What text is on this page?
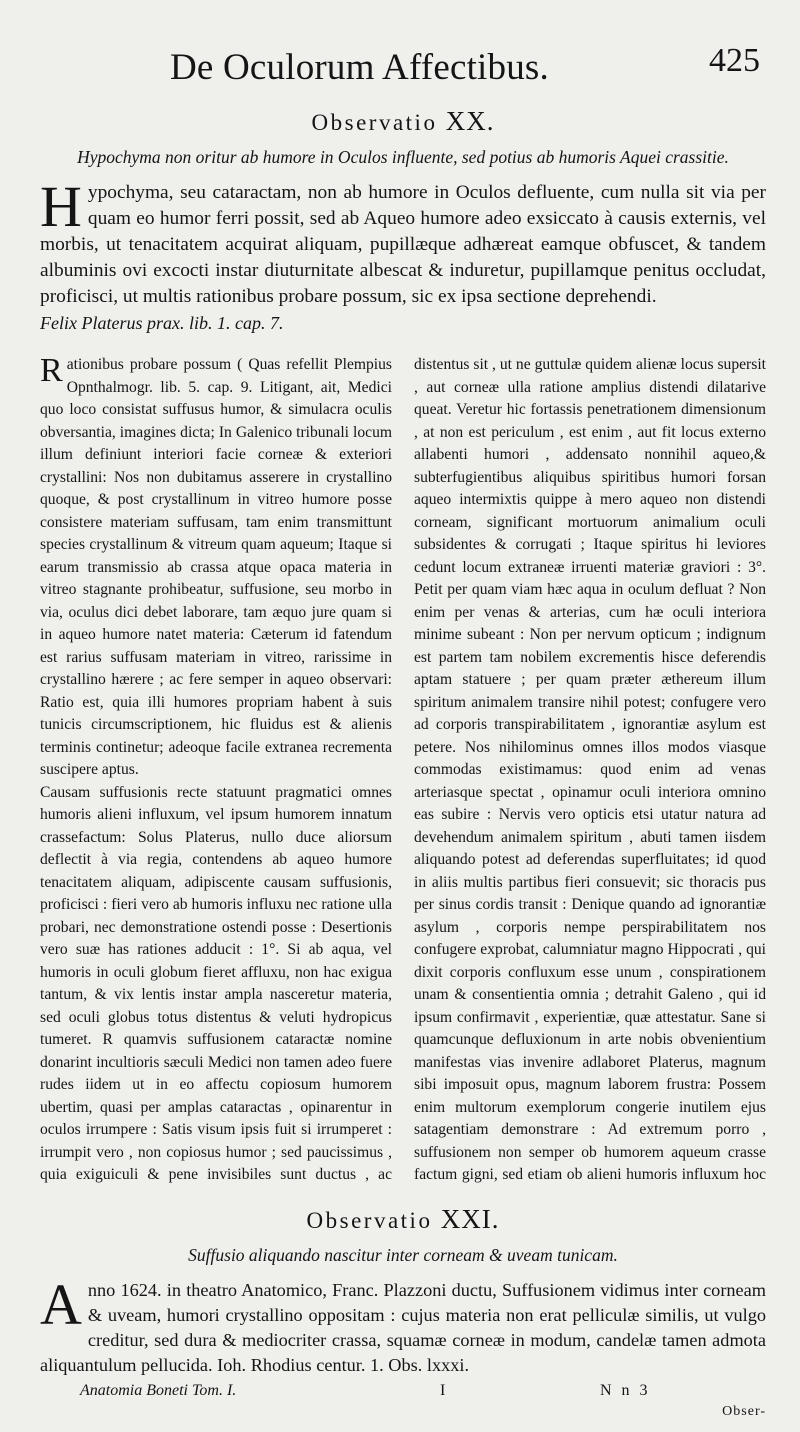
De Oculorum Affectibus.	425
Observatio XX.
Hypochyma non oritur ab humore in Oculos influente, sed potius ab humoris Aquei crassitie.

H ypochyma, seu cataractam, non ab humore in Oculos defluente, cum nulla sit via per quam eo humor ferri possit, sed ab Aqueo humore adeo exsiccato à causis externis, vel morbis, ut tenacitatem acquirat aliquam, pupillæque adhæreat eamque obfuscet, & tandem albuminis ovi excocti instar diuturnitate albescat & induretur, pupillamque penitus occludat, proficisci, ut multis rationibus probare possum, sic ex ipsa sectione deprehendi.

Felix Platerus prax. lib. 1. cap. 7.

R ationibus probare possum ( Quas refellit Plempius Opnthalmogr. lib. 5. cap. 9. Litigant, ait, Medici quo loco consistat suffusus humor, & simulacra oculis obversantia, imagines dicta; In Galenico tribunali locum illum definiunt interiori facie corneæ & exteriori crystallini: Nos non dubitamus asserere in crystallino quoque, & post crystallinum in vitreo humore posse consistere materiam suffusam, tam enim transmittunt species crystallinum & vitreum quam aqueum; Itaque si earum transmissio ab crassa atque opaca materia in vitreo stagnante prohibeatur, suffusione, seu morbo in via, oculus dici debet laborare, tam æquo jure quam si in aqueo humore natet materia: Cæterum id fatendum est rarius suffusam materiam in vitreo, rarissime in crystallino hærere ; ac fere semper in aqueo observari: Ratio est, quia illi humores propriam habent à suis tunicis circumscriptionem, hic fluidus est & alienis terminis continetur; adeoque facile extranea recrementa suscipere aptus.

Causam suffusionis recte statuunt pragmatici omnes humoris alieni influxum, vel ipsum humorem innatum crassefactum: Solus Platerus, nullo duce aliorsum deflectit à via regia, contendens ab aqueo humore tenacitatem aliquam, adipiscente causam suffusionis, proficisci : fieri vero ab humoris influxu nec ratione ulla probari, nec demonstratione ostendi posse : Desertionis vero suæ has rationes adducit : 1°. Si ab aqua, vel humoris in oculi globum fieret affluxu, non hac exigua tantum, & vix lentis instar ampla nasceretur materia, sed oculi globus totus distentus & veluti hydropicus tumeret. R quamvis suffusionem cataractæ nomine donarint incultioris sæculi Medici non tamen adeo fuere rudes iidem ut in eo affectu copiosum humorem ubertim, quasi per amplas cataractas , opinarentur in oculos irrumpere : Satis visum ipsis fuit si irrumperet : irrumpit vero , non copiosus humor ; sed paucissimus , quia exiguiculi & pene invisibiles sunt ductus , ac

distentus sit , ut ne guttulæ quidem alienæ locus supersit , aut corneæ ulla ratione amplius distendi dilatarive queat. Veretur hic fortassis penetrationem dimensionum , at non est periculum , est enim , aut fit locus externo allabenti humori , addensato nonnihil aqueo,& subterfugientibus aliquibus spiritibus humori forsan aqueo intermixtis quippe à mero aqueo non distendi corneam, significant mortuorum animalium oculi subsidentes & corrugati ; Itaque spiritus hi leviores cedunt locum extraneæ irruenti materiæ graviori : 3°. Petit per quam viam hæc aqua in oculum defluat ? Non enim per venas & arterias, cum hæ oculi interiora minime subeant : Non per nervum opticum ; indignum est partem tam nobilem excrementis hisce deferendis aptam statuere ; per quam præter æthereum illum spiritum animalem transire nihil potest; confugere vero ad corporis transpirabilitatem , ignorantiæ asylum est petere. Nos nihilominus omnes illos modos viasque commodas existimamus: quod enim ad venas arteriasque spectat , opinamur oculi interiora omnino eas subire : Nervis vero opticis etsi utatur natura ad devehendum animalem spiritum , abuti tamen iisdem aliquando potest ad deferendas superfluitates; id quod in aliis multis partibus fieri consuevit; sic thoracis pus per sinus cordis transit : Denique quando ad ignorantiæ asylum , corporis nempe perspirabilitatem nos confugere exprobat, calumniatur magno Hippocrati , qui dixit corporis confluxum esse unum , conspirationem unam & consentientia omnia ; detrahit Galeno , qui id ipsum confirmavit , experientiæ, quæ attestatur. Sane si quamcunque defluxionum in arte nobis obvenientium manifestas vias invenire adlaboret Platerus, magnum sibi imposuit opus, magnum laborem frustra: Possem enim multorum exemplorum congerie inutilem ejus satagentiam demonstrare : Ad extremum porro , suffusionem non semper ob humorem aqueum crasse factum gigni, sed etiam ob alieni humoris influxum hoc

Observatio XXI.
Suffusio aliquando nascitur inter corneam & uveam tunicam.

A nno 1624. in theatro Anatomico, Franc. Plazzoni ductu, Suffusionem vidimus inter corneam & uveam, humori crystallino oppositam : cujus materia non erat pelliculæ similis, ut vulgo creditur, sed dura & mediocriter crassa, squamæ corneæ in modum, candelæ tamen admota aliquantulum pellucida. Ioh. Rhodius centur. 1. Obs. lxxxi.

Anatomia Boneti Tom. I.	I	N n 3
Obser-
